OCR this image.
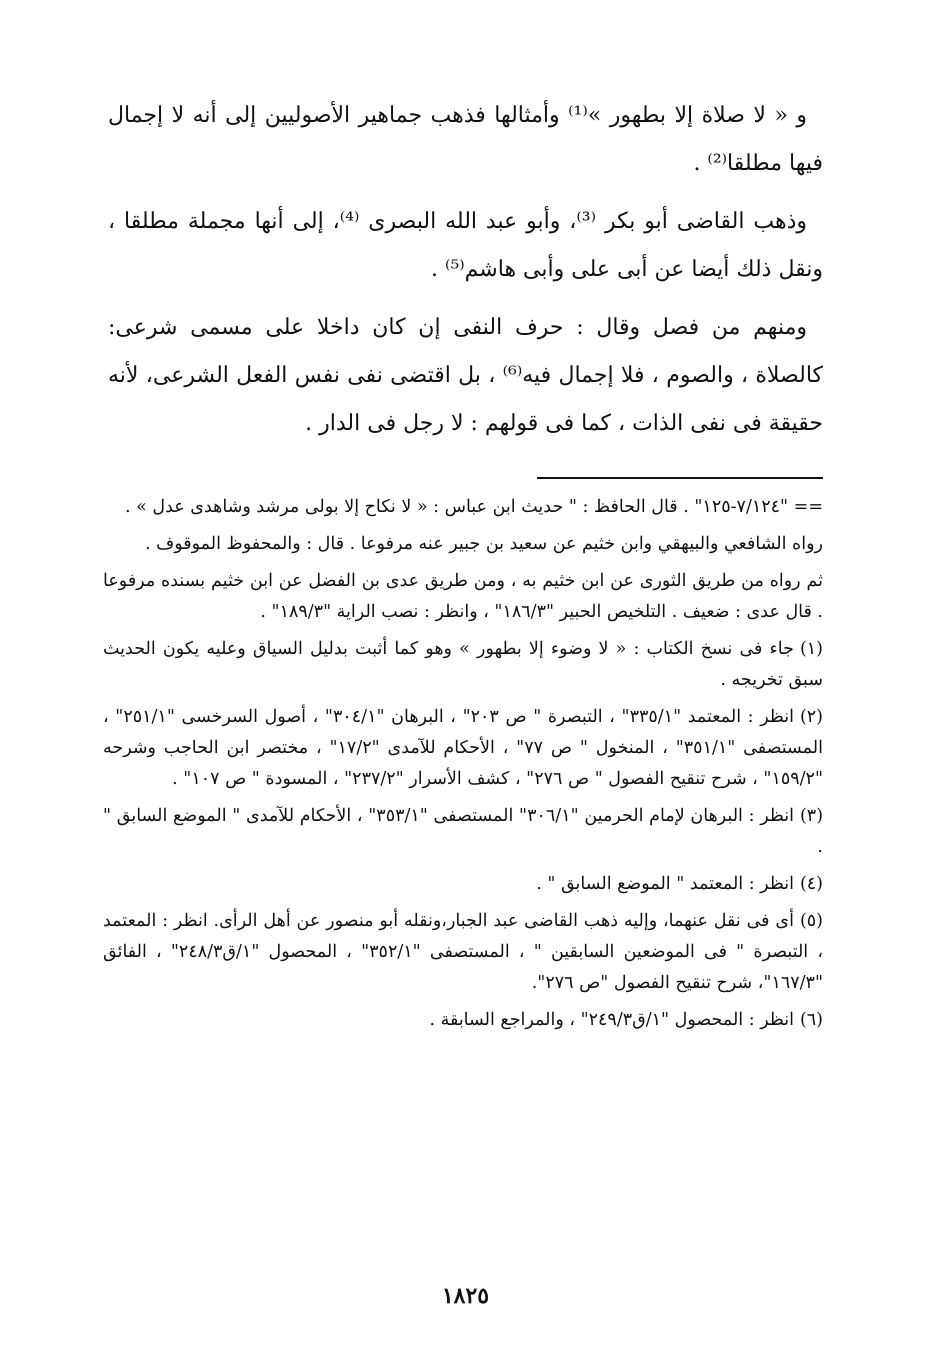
و « لا صلاة إلا بطهور »⁽¹⁾ وأمثالها فذهب جماهير الأصوليين إلى أنه لا إجمال فيها مطلقا⁽²⁾ .

وذهب القاضى أبو بكر ⁽³⁾، وأبو عبد الله البصرى ⁽⁴⁾، إلى أنها مجملة مطلقا ، ونقل ذلك أيضا عن أبى على وأبى هاشم⁽⁵⁾ .

ومنهم من فصل وقال : حرف النفى إن كان داخلا على مسمى شرعى: كالصلاة ، والصوم ، فلا إجمال فيه⁽⁶⁾ ، بل اقتضى نفى نفس الفعل الشرعى، لأنه حقيقة فى نفى الذات ، كما فى قولهم : لا رجل فى الدار .

== "٧/١٢٤-١٢٥" . قال الحافظ : " حديث ابن عباس : « لا نكاح إلا بولى مرشد وشاهدى عدل » .
رواه الشافعي والبيهقي وابن خثيم عن سعيد بن جبير عنه مرفوعا . قال : والمحفوظ الموقوف .
ثم رواه من طريق الثورى عن ابن خثيم به ، ومن طريق عدى بن الفضل عن ابن خثيم بسنده مرفوعا . قال عدى : ضعيف . التلخيص الحبير "١٨٦/٣" ، وانظر : نصب الراية "١٨٩/٣" .
(١)جاء فى نسخ الكتاب : « لا وضوء إلا بطهور » وهو كما أثبت بدليل السياق وعليه يكون الحديث سبق تخريجه .
(٢)انظر : المعتمد "٣٣٥/١" ، التبصرة " ص ٢٠٣" ، البرهان "٣٠٤/١" ، أصول السرخسى "٢٥١/١" ، المستصفى "٣٥١/١" ، المنخول " ص ٧٧" ، الأحكام للآمدى "١٧/٢" ، مختصر ابن الحاجب وشرحه "١٥٩/٢" ، شرح تنقيح الفصول " ص ٢٧٦" ، كشف الأسرار "٢٣٧/٢" ، المسودة " ص ١٠٧" .
(٣)انظر : البرهان لإمام الحرمين "٣٠٦/١" المستصفى "٣٥٣/١" ، الأحكام للآمدى " الموضع السابق " .
(٤)انظر : المعتمد " الموضع السابق " .
(٥)أى فى نقل عنهما، وإليه ذهب القاضى عبد الجبار،ونقله أبو منصور عن أهل الرأى. انظر : المعتمد ، التبصرة " فى الموضعين السابقين " ، المستصفى "٣٥٢/١" ، المحصول "١/ق٢٤٨/٣" ، الفائق "١٦٧/٣"، شرح تنقيح الفصول "ص ٢٧٦".
(٦)انظر : المحصول "١/ق٢٤٩/٣" ، والمراجع السابقة .
١٨٢٥
